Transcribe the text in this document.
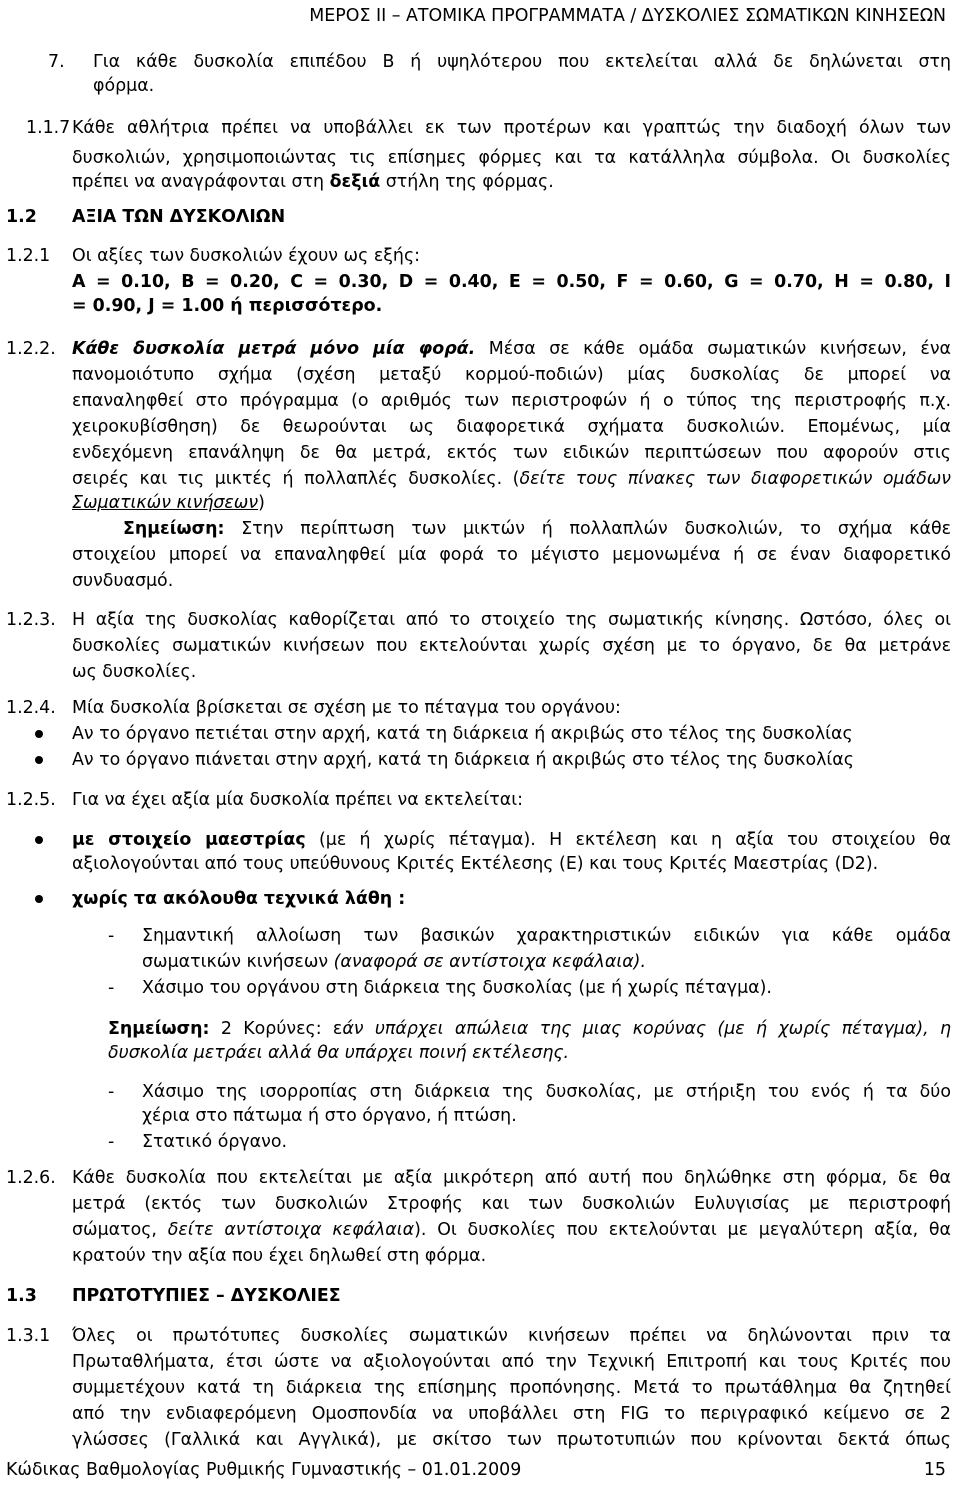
ΜΕΡΟΣ ΙΙ – ΑΤΟΜΙΚΑ ΠΡΟΓΡΑΜΜΑΤΑ / ΔΥΣΚΟΛΙΕΣ ΣΩΜΑΤΙΚΩΝ ΚΙΝΗΣΕΩΝ
7. Για κάθε δυσκολία επιπέδου B ή υψηλότερου που εκτελείται αλλά δε δηλώνεται στη
φόρμα.
1.1.7 Κάθε αθλήτρια πρέπει να υποβάλλει εκ των προτέρων και γραπτώς την διαδοχή όλων των
δυσκολιών, χρησιμοποιώντας τις επίσημες φόρμες και τα κατάλληλα σύμβολα. Οι δυσκολίες
πρέπει να αναγράφονται στη δεξιά στήλη της φόρμας.
1.2 ΑΞΙΑ ΤΩΝ ΔΥΣΚΟΛΙΩΝ
1.2.1 Οι αξίες των δυσκολιών έχουν ως εξής:
A = 0.10, B = 0.20, C = 0.30, D = 0.40, E = 0.50, F = 0.60, G = 0.70, H = 0.80, I
= 0.90, J = 1.00 ή περισσότερο.
1.2.2. Κάθε δυσκολία μετρά μόνο μία φορά. Μέσα σε κάθε ομάδα σωματικών κινήσεων, ένα
πανομοιότυπο σχήμα (σχέση μεταξύ κορμού-ποδιών) μίας δυσκολίας δε μπορεί να
επαναληφθεί στο πρόγραμμα (ο αριθμός των περιστροφών ή ο τύπος της περιστροφής π.χ.
χειροκυβίσθηση) δε θεωρούνται ως διαφορετικά σχήματα δυσκολιών. Επομένως, μία
ενδεχόμενη επανάληψη δε θα μετρά, εκτός των ειδικών περιπτώσεων που αφορούν στις
σειρές και τις μικτές ή πολλαπλές δυσκολίες. (δείτε τους πίνακες των διαφορετικών ομάδων
Σωματικών κινήσεων)
Σημείωση: Στην περίπτωση των μικτών ή πολλαπλών δυσκολιών, το σχήμα κάθε
στοιχείου μπορεί να επαναληφθεί μία φορά το μέγιστο μεμονωμένα ή σε έναν διαφορετικό
συνδυασμό.
1.2.3. Η αξία της δυσκολίας καθορίζεται από το στοιχείο της σωματικής κίνησης. Ωστόσο, όλες οι
δυσκολίες σωματικών κινήσεων που εκτελούνται χωρίς σχέση με το όργανο, δε θα μετράνε
ως δυσκολίες.
1.2.4. Μία δυσκολία βρίσκεται σε σχέση με το πέταγμα του οργάνου:
Αν το όργανο πετιέται στην αρχή, κατά τη διάρκεια ή ακριβώς στο τέλος της δυσκολίας
Αν το όργανο πιάνεται στην αρχή, κατά τη διάρκεια ή ακριβώς στο τέλος της δυσκολίας
1.2.5. Για να έχει αξία μία δυσκολία πρέπει να εκτελείται:
με στοιχείο μαεστρίας (με ή χωρίς πέταγμα). Η εκτέλεση και η αξία του στοιχείου θα
αξιολογούνται από τους υπεύθυνους Κριτές Εκτέλεσης (E) και τους Κριτές Μαεστρίας (D2).
χωρίς τα ακόλουθα τεχνικά λάθη :
- Σημαντική αλλοίωση των βασικών χαρακτηριστικών ειδικών για κάθε ομάδα
σωματικών κινήσεων (αναφορά σε αντίστοιχα κεφάλαια).
- Χάσιμο του οργάνου στη διάρκεια της δυσκολίας (με ή χωρίς πέταγμα).
Σημείωση: 2 Κορύνες: εάν υπάρχει απώλεια της μιας κορύνας (με ή χωρίς πέταγμα), η
δυσκολία μετράει αλλά θα υπάρχει ποινή εκτέλεσης.
- Χάσιμο της ισορροπίας στη διάρκεια της δυσκολίας, με στήριξη του ενός ή τα δύο
χέρια στο πάτωμα ή στο όργανο, ή πτώση.
- Στατικό όργανο.
1.2.6. Κάθε δυσκολία που εκτελείται με αξία μικρότερη από αυτή που δηλώθηκε στη φόρμα, δε θα
μετρά (εκτός των δυσκολιών Στροφής και των δυσκολιών Ευλυγισίας με περιστροφή
σώματος, δείτε αντίστοιχα κεφάλαια). Οι δυσκολίες που εκτελούνται με μεγαλύτερη αξία, θα
κρατούν την αξία που έχει δηλωθεί στη φόρμα.
1.3 ΠΡΩΤΟΤΥΠΙΕΣ – ΔΥΣΚΟΛΙΕΣ
1.3.1 Όλες οι πρωτότυπες δυσκολίες σωματικών κινήσεων πρέπει να δηλώνονται πριν τα
Πρωταθλήματα, έτσι ώστε να αξιολογούνται από την Τεχνική Επιτροπή και τους Κριτές που
συμμετέχουν κατά τη διάρκεια της επίσημης προπόνησης. Μετά το πρωτάθλημα θα ζητηθεί
από την ενδιαφερόμενη Ομοσπονδία να υποβάλλει στη FIG το περιγραφικό κείμενο σε 2
γλώσσες (Γαλλικά και Αγγλικά), με σκίτσο των πρωτοτυπιών που κρίνονται δεκτά όπως
Κώδικας Βαθμολογίας Ρυθμικής Γυμναστικής – 01.01.2009	15
